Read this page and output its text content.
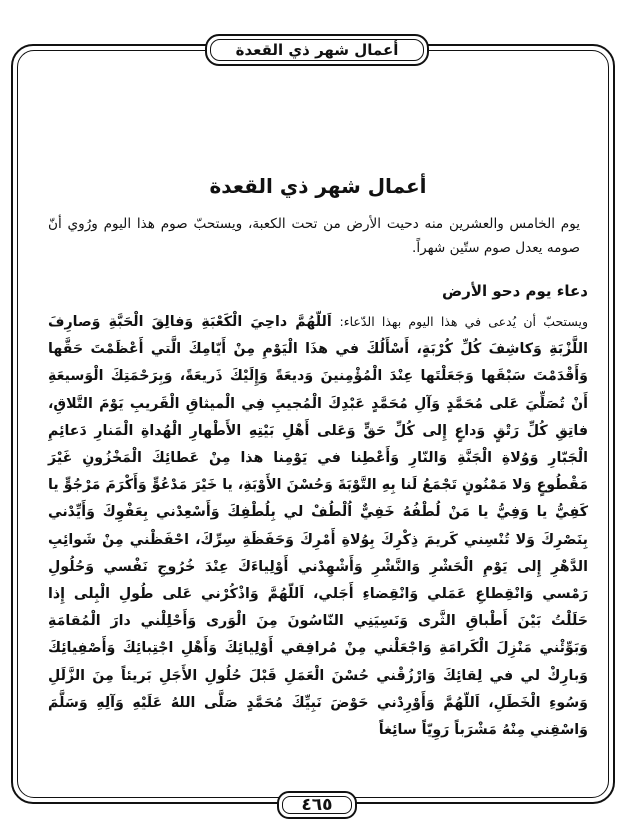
أعمال شهر ذي القعدة
أعمال شهر ذي القعدة

يوم الخامس والعشرين منه دحيت الأرض من تحت الكعبة، ويستحبّ صوم هذا اليوم ورُوي أنّ صومه يعدل صوم ستّين شهراً.

دعاء يوم دحو الأرض

ويستحبّ أن يُدعى في هذا اليوم بهذا الدّعاء: اَللّهُمَّ داحِيَ الْكَعْبَةِ وَفالِقَ الْحَبَّةِ وَصارِفَ اللَّزْبَةِ وَكاشِفَ كُلِّ كُرْبَةٍ، أَسْأَلُكَ في هذَا الْيَوْمِ مِنْ أَيّامِكَ الَّتي أَعْظَمْتَ حَقَّها وَأَقْدَمْتَ سَبْقَها وَجَعَلْتَها عِنْدَ الْمُؤْمِنينَ وَديعَةً وَإِلَيْكَ ذَريعَةً، وَبِرَحْمَتِكَ الْوَسيعَةِ أَنْ تُصَلِّيَ عَلى مُحَمَّدٍ وَآلِ مُحَمَّدٍ عَبْدِكَ الْمُجيبِ فِي الْميثاقِ الْقَريبِ يَوْمَ التَّلاقِ، فاتِقِ كُلِّ رَتْقٍ وَداعٍ إِلى كُلِّ حَقٍّ وَعَلى أَهْلِ بَيْتِهِ الأَطْهارِ الْهُداةِ الْمَنارِ دَعائِمِ الْجَبّارِ وَوُلاةِ الْجَنَّةِ وَالنّارِ وَأَعْطِنا في يَوْمِنا هذا مِنْ عَطائِكَ الْمَخْزُونِ غَيْرَ مَقْطُوعٍ وَلا مَمْنُونٍ تَجْمَعُ لَنا بِهِ التَّوْبَةَ وَحُسْنَ الأَوْبَةِ، يا خَيْرَ مَدْعُوٍّ وَأَكْرَمَ مَرْجُوٍّ يا كَفِيُّ يا وَفِيُّ يا مَنْ لُطْفُهُ خَفِيٌّ اُلْطُفْ لي بِلُطْفِكَ وَأَسْعِدْني بِعَفْوِكَ وَأَيِّدْني بِنَصْرِكَ وَلا تُنْسِني كَريمَ ذِكْرِكَ بِوُلاةِ أَمْرِكَ وَحَفَظَةِ سِرِّكَ، احْفَظْني مِنْ شَوائِبِ الدَّهْرِ إِلى يَوْمِ الْحَشْرِ وَالنَّشْرِ وَأَشْهِدْني أَوْلِياءَكَ عِنْدَ خُرُوجِ نَفْسي وَحُلُولِ رَمْسي وَانْقِطاعِ عَمَلي وَانْقِضاءِ أَجَلي، اَللّهُمَّ وَاذْكُرْني عَلى طُولِ الْبِلى إِذا حَلَلْتُ بَيْنَ أَطْباقِ الثَّرى وَنَسِيَنِي النّاسُونَ مِنَ الْوَرى وَأَحْلِلْني دارَ الْمُقامَةِ وَبَوِّئْني مَنْزِلَ الْكَرامَةِ وَاجْعَلْني مِنْ مُرافِقي أَوْلِيائِكَ وَأَهْلِ اجْتِبائِكَ وَأَصْفِيائِكَ وَبارِكْ لي في لِقائِكَ وَارْزُقْني حُسْنَ الْعَمَلِ قَبْلَ حُلُولِ الأَجَلِ بَريئاً مِنَ الزَّلَلِ وَسُوءِ الْخَطَلِ، اَللّهُمَّ وَأَوْرِدْني حَوْضَ نَبِيِّكَ مُحَمَّدٍ صَلَّى اللهُ عَلَيْهِ وَآلِهِ وَسَلَّمَ وَاسْقِني مِنْهُ مَشْرَباً رَوِيّاً سائِغاً

٤٦٥
